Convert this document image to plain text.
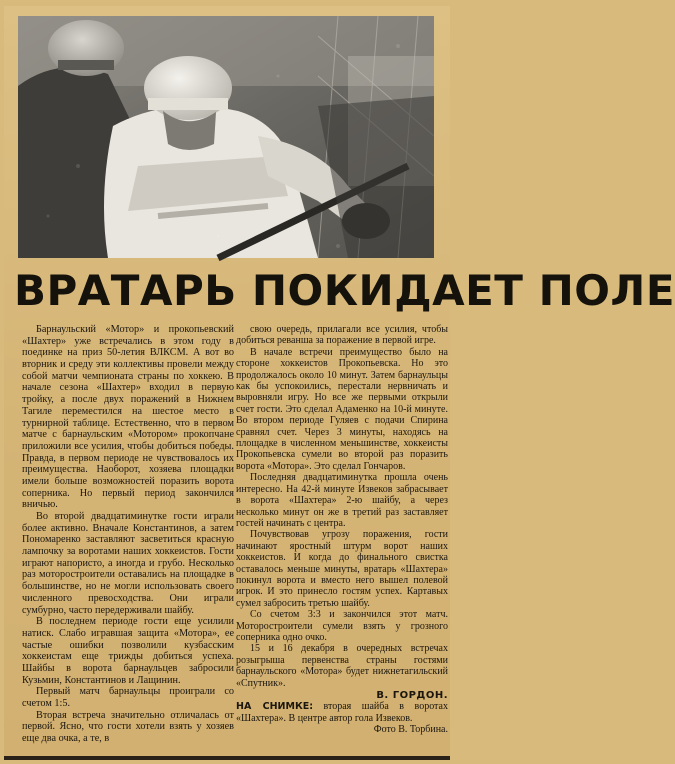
ВРАТАРЬ ПОКИДАЕТ ПОЛЕ

Барнаульский «Мотор» и прокопьевский «Шахтер» уже встречались в этом году в поединке на приз 50-летия ВЛКСМ. А вот во вторник и среду эти коллективы провели между собой матчи чемпионата страны по хоккею. В начале сезона «Шахтер» входил в первую тройку, а после двух поражений в Нижнем Тагиле переместился на шестое место в турнирной таблице. Естественно, что в первом матче с барнаульским «Мотором» прокопчане приложили все усилия, чтобы добиться победы. Правда, в первом периоде не чувствовалось их преимущества. Наоборот, хозяева площадки имели больше возможностей поразить ворота соперника. Но первый период закончился вничью.

Во второй двадцатиминутке гости играли более активно. Вначале Константинов, а затем Пономаренко заставляют засветиться красную лампочку за воротами наших хоккеистов. Гости играют напористо, а иногда и грубо. Несколько раз моторостроители оставались на площадке в большинстве, но не могли использовать своего численного превосходства. Они играли сумбурно, часто передерживали шайбу.

В последнем периоде гости еще усилили натиск. Слабо игравшая защита «Мотора», ее частые ошибки позволили кузбасским хоккеистам еще трижды добиться успеха. Шайбы в ворота барнаульцев забросили Кузьмин, Константинов и Лащинин.

Первый матч барнаульцы проиграли со счетом 1:5.

Вторая встреча значительно отличалась от первой. Ясно, что гости хотели взять у хозяев еще два очка, а те, в

свою очередь, прилагали все усилия, чтобы добиться реванша за поражение в первой игре.

В начале встречи преимущество было на стороне хоккеистов Прокопьевска. Но это продолжалось около 10 минут. Затем барнаульцы как бы успокоились, перестали нервничать и выровняли игру. Но все же первыми открыли счет гости. Это сделал Адаменко на 10-й минуте. Во втором периоде Гуляев с подачи Спирина сравнял счет. Через 3 минуты, находясь на площадке в численном меньшинстве, хоккеисты Прокопьевска сумели во второй раз поразить ворота «Мотора». Это сделал Гончаров.

Последняя двадцатиминутка прошла очень интересно. На 42-й минуте Извеков забрасывает в ворота «Шахтера» 2-ю шайбу, а через несколько минут он же в третий раз заставляет гостей начинать с центра.

Почувствовав угрозу поражения, гости начинают яростный штурм ворот наших хоккеистов. И когда до финального свистка оставалось меньше минуты, вратарь «Шахтера» покинул ворота и вместо него вышел полевой игрок. И это принесло гостям успех. Картавых сумел забросить третью шайбу.

Со счетом 3:3 и закончился этот матч. Моторостроители сумели взять у грозного соперника одно очко.

15 и 16 декабря в очередных встречах розыгрыша первенства страны гостями барнаульского «Мотора» будет нижнетагильский «Спутник».

В. ГОРДОН.

НА СНИМКЕ: вторая шайба в воротах «Шахтера». В центре автор гола Извеков.

Фото В. Торбина.
